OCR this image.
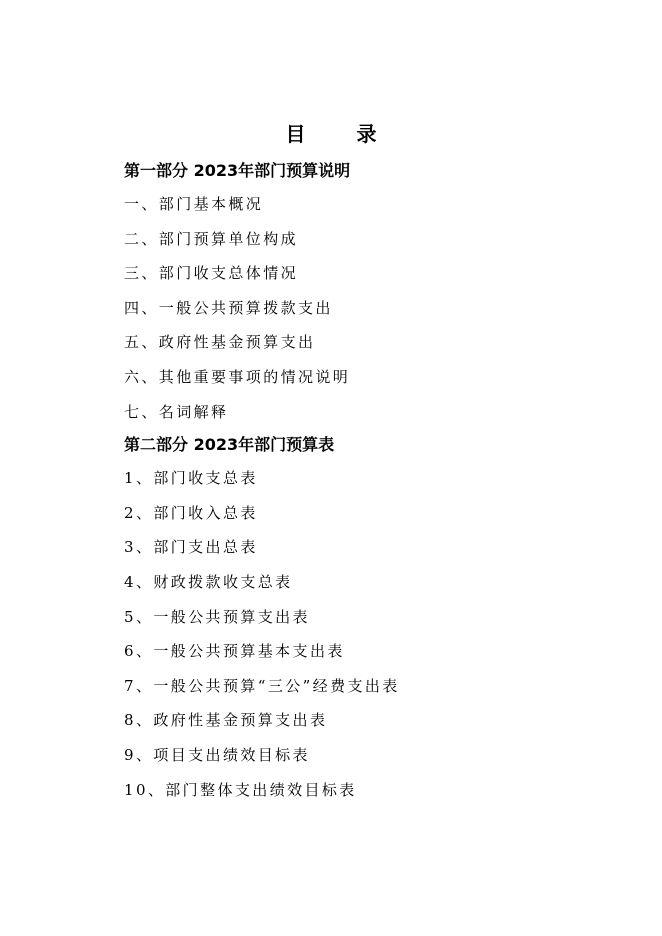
目 录
第一部分 2023年部门预算说明
一、部门基本概况
二、部门预算单位构成
三、部门收支总体情况
四、一般公共预算拨款支出
五、政府性基金预算支出
六、其他重要事项的情况说明
七、名词解释
第二部分 2023年部门预算表
1、部门收支总表
2、部门收入总表
3、部门支出总表
4、财政拨款收支总表
5、一般公共预算支出表
6、一般公共预算基本支出表
7、一般公共预算“三公”经费支出表
8、政府性基金预算支出表
9、项目支出绩效目标表
10、部门整体支出绩效目标表
